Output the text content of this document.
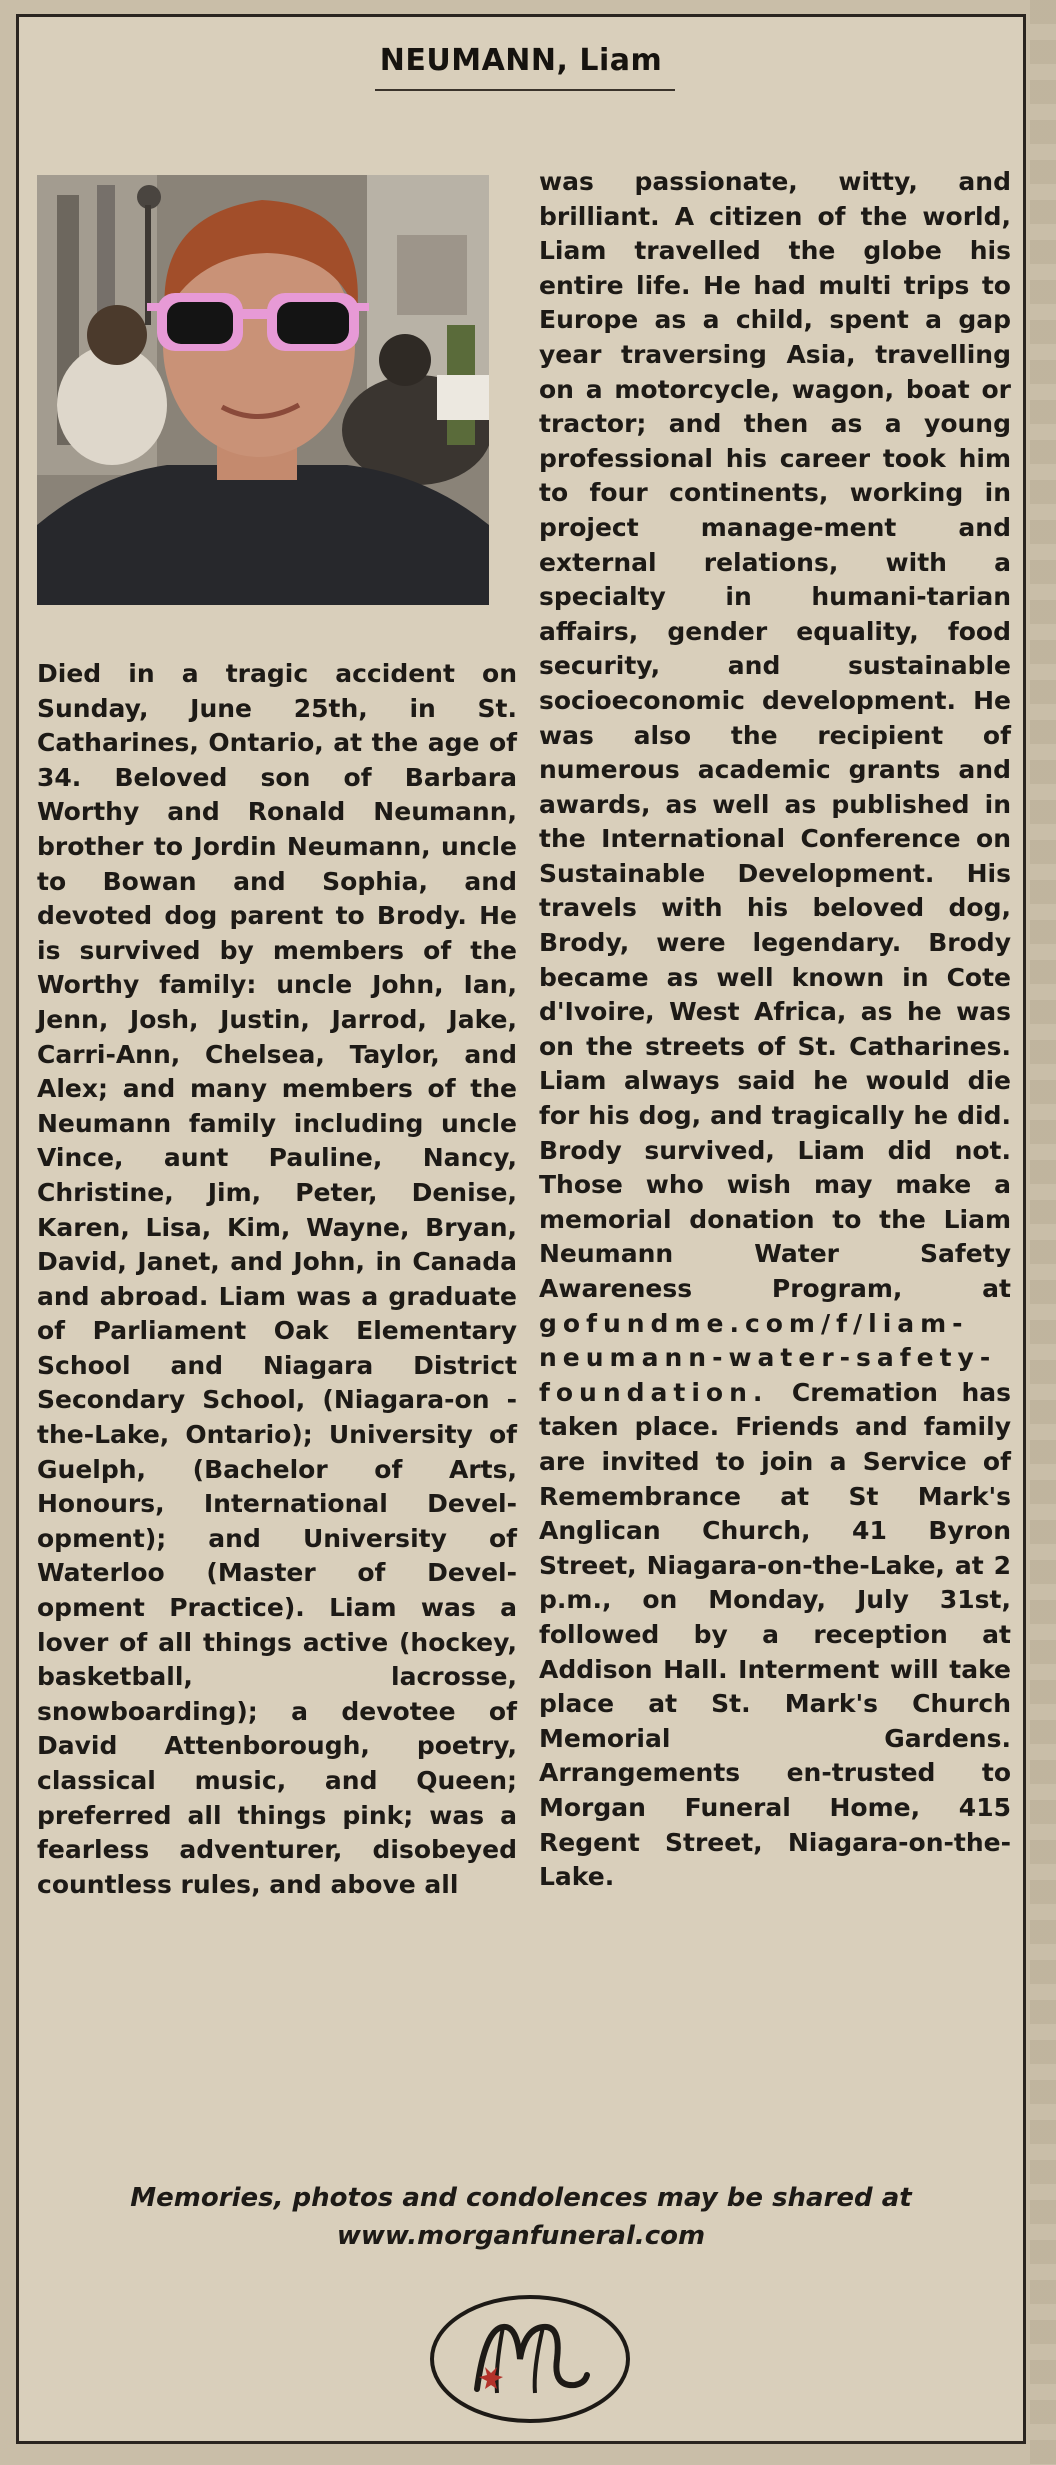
NEUMANN, Liam
Died in a tragic accident on Sunday, June 25th, in St. Catharines, Ontario, at the age of 34. Beloved son of Barbara Worthy and Ronald Neumann, brother to Jordin Neumann, uncle to Bowan and Sophia, and devoted dog parent to Brody. He is survived by members of the Worthy family: uncle John, Ian, Jenn, Josh, Justin, Jarrod, Jake, Carri-Ann, Chelsea, Taylor, and Alex; and many members of the Neumann family including uncle Vince, aunt Pauline, Nancy, Christine, Jim, Peter, Denise, Karen, Lisa, Kim, Wayne, Bryan, David, Janet, and John, in Canada and abroad. Liam was a graduate of Parliament Oak Elementary School and Niagara District Secondary School, (Niagara-on -the-Lake, Ontario); University of Guelph, (Bachelor of Arts, Honours, International Devel-opment); and University of Waterloo (Master of Devel-opment Practice). Liam was a lover of all things active (hockey, basketball, lacrosse, snowboarding); a devotee of David Attenborough, poetry, classical music, and Queen; preferred all things pink; was a fearless adventurer, disobeyed countless rules, and above all
was passionate, witty, and brilliant. A citizen of the world, Liam travelled the globe his entire life. He had multi trips to Europe as a child, spent a gap year traversing Asia, travelling on a motorcycle, wagon, boat or tractor; and then as a young professional his career took him to four continents, working in project manage-ment and external relations, with a specialty in humani-tarian affairs, gender equality, food security, and sustainable socioeconomic development. He was also the recipient of numerous academic grants and awards, as well as published in the International Conference on Sustainable Development. His travels with his beloved dog, Brody, were legendary. Brody became as well known in Cote d'Ivoire, West Africa, as he was on the streets of St. Catharines. Liam always said he would die for his dog, and tragically he did. Brody survived, Liam did not. Those who wish may make a memorial donation to the Liam Neumann Water Safety Awareness Program, at gofundme.com/f/liam-neumann-water-safety-foundation. Cremation has taken place. Friends and family are invited to join a Service of Remembrance at St Mark's Anglican Church, 41 Byron Street, Niagara-on-the-Lake, at 2 p.m., on Monday, July 31st, followed by a reception at Addison Hall. Interment will take place at St. Mark's Church Memorial Gardens. Arrangements en-trusted to Morgan Funeral Home, 415 Regent Street, Niagara-on-the-Lake.
Memories, photos and condolences may be shared at
www.morganfuneral.com
